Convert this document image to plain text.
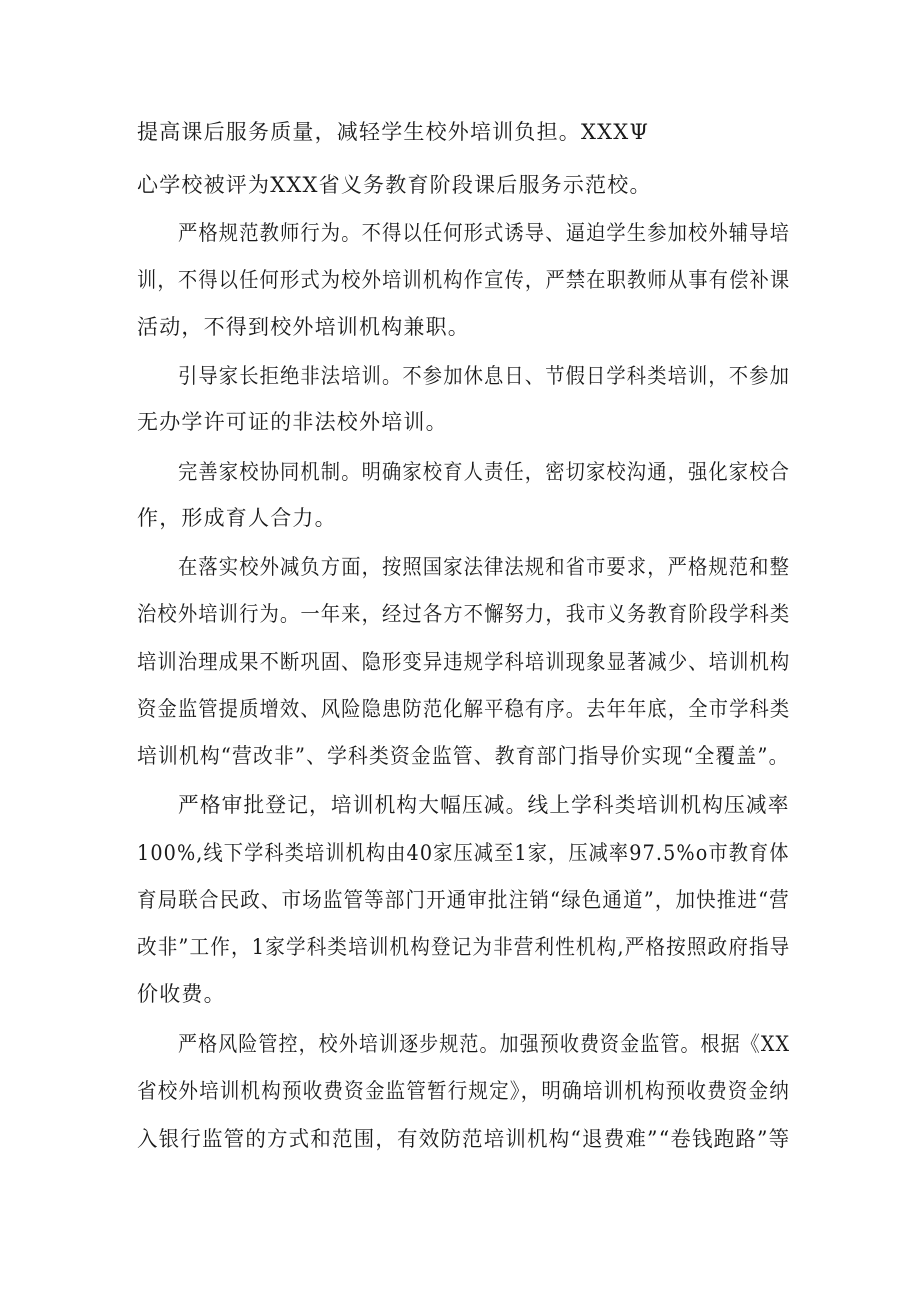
提高课后服务质量，减轻学生校外培训负担。XXXΨ
心学校被评为XXX省义务教育阶段课后服务示范校。
严格规范教师行为。不得以任何形式诱导、逼迫学生参加校外辅导培
训，不得以任何形式为校外培训机构作宣传，严禁在职教师从事有偿补课
活动，不得到校外培训机构兼职。
引导家长拒绝非法培训。不参加休息日、节假日学科类培训，不参加
无办学许可证的非法校外培训。
完善家校协同机制。明确家校育人责任，密切家校沟通，强化家校合
作，形成育人合力。
在落实校外减负方面，按照国家法律法规和省市要求，严格规范和整
治校外培训行为。一年来，经过各方不懈努力，我市义务教育阶段学科类
培训治理成果不断巩固、隐形变异违规学科培训现象显著减少、培训机构
资金监管提质增效、风险隐患防范化解平稳有序。去年年底，全市学科类
培训机构“营改非”、学科类资金监管、教育部门指导价实现“全覆盖”。
严格审批登记，培训机构大幅压减。线上学科类培训机构压减率
100%,线下学科类培训机构由40家压减至1家，压减率97.5%o市教育体
育局联合民政、市场监管等部门开通审批注销“绿色通道”，加快推进“营
改非”工作，1家学科类培训机构登记为非营利性机构,严格按照政府指导
价收费。
严格风险管控，校外培训逐步规范。加强预收费资金监管。根据《XX
省校外培训机构预收费资金监管暂行规定》，明确培训机构预收费资金纳
入银行监管的方式和范围，有效防范培训机构“退费难”“卷钱跑路”等
